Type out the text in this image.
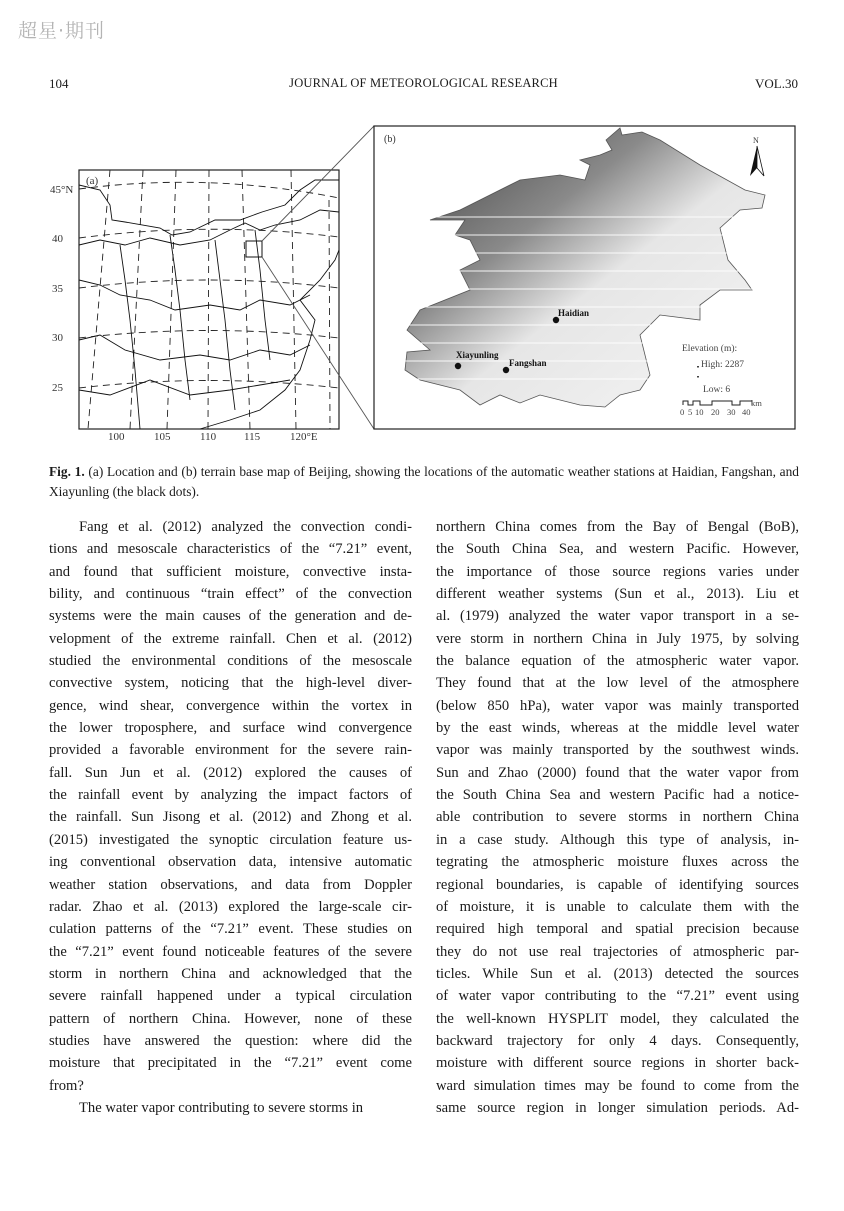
超星·期刊
104	JOURNAL OF METEOROLOGICAL RESEARCH	VOL.30
(a)
45°N
40
35
30
25
100	105	110	115	120°E
(b)	N
Haidian
Xiayunling
Fangshan
Elevation (m):
High: 2287
Low: 6
0 5 10 20 30 40
km
Fig. 1. (a) Location and (b) terrain base map of Beijing, showing the locations of the automatic weather stations at Haidian, Fangshan, and Xiayunling (the black dots).
Fang et al. (2012) analyzed the convection condi-
tions and mesoscale characteristics of the “7.21” event,
and found that sufficient moisture, convective insta-
bility, and continuous “train effect” of the convection
systems were the main causes of the generation and de-
velopment of the extreme rainfall. Chen et al. (2012)
studied the environmental conditions of the mesoscale
convective system, noticing that the high-level diver-
gence, wind shear, convergence within the vortex in
the lower troposphere, and surface wind convergence
provided a favorable environment for the severe rain-
fall. Sun Jun et al. (2012) explored the causes of
the rainfall event by analyzing the impact factors of
the rainfall. Sun Jisong et al. (2012) and Zhong et al.
(2015) investigated the synoptic circulation feature us-
ing conventional observation data, intensive automatic
weather station observations, and data from Doppler
radar. Zhao et al. (2013) explored the large-scale cir-
culation patterns of the “7.21” event. These studies on
the “7.21” event found noticeable features of the severe
storm in northern China and acknowledged that the
severe rainfall happened under a typical circulation
pattern of northern China. However, none of these
studies have answered the question: where did the
moisture that precipitated in the “7.21” event come
from?
The water vapor contributing to severe storms in
northern China comes from the Bay of Bengal (BoB),
the South China Sea, and western Pacific. However,
the importance of those source regions varies under
different weather systems (Sun et al., 2013). Liu et
al. (1979) analyzed the water vapor transport in a se-
vere storm in northern China in July 1975, by solving
the balance equation of the atmospheric water vapor.
They found that at the low level of the atmosphere
(below 850 hPa), water vapor was mainly transported
by the east winds, whereas at the middle level water
vapor was mainly transported by the southwest winds.
Sun and Zhao (2000) found that the water vapor from
the South China Sea and western Pacific had a notice-
able contribution to severe storms in northern China
in a case study. Although this type of analysis, in-
tegrating the atmospheric moisture fluxes across the
regional boundaries, is capable of identifying sources
of moisture, it is unable to calculate them with the
required high temporal and spatial precision because
they do not use real trajectories of atmospheric par-
ticles. While Sun et al. (2013) detected the sources
of water vapor contributing to the “7.21” event using
the well-known HYSPLIT model, they calculated the
backward trajectory for only 4 days. Consequently,
moisture with different source regions in shorter back-
ward simulation times may be found to come from the
same source region in longer simulation periods. Ad-
